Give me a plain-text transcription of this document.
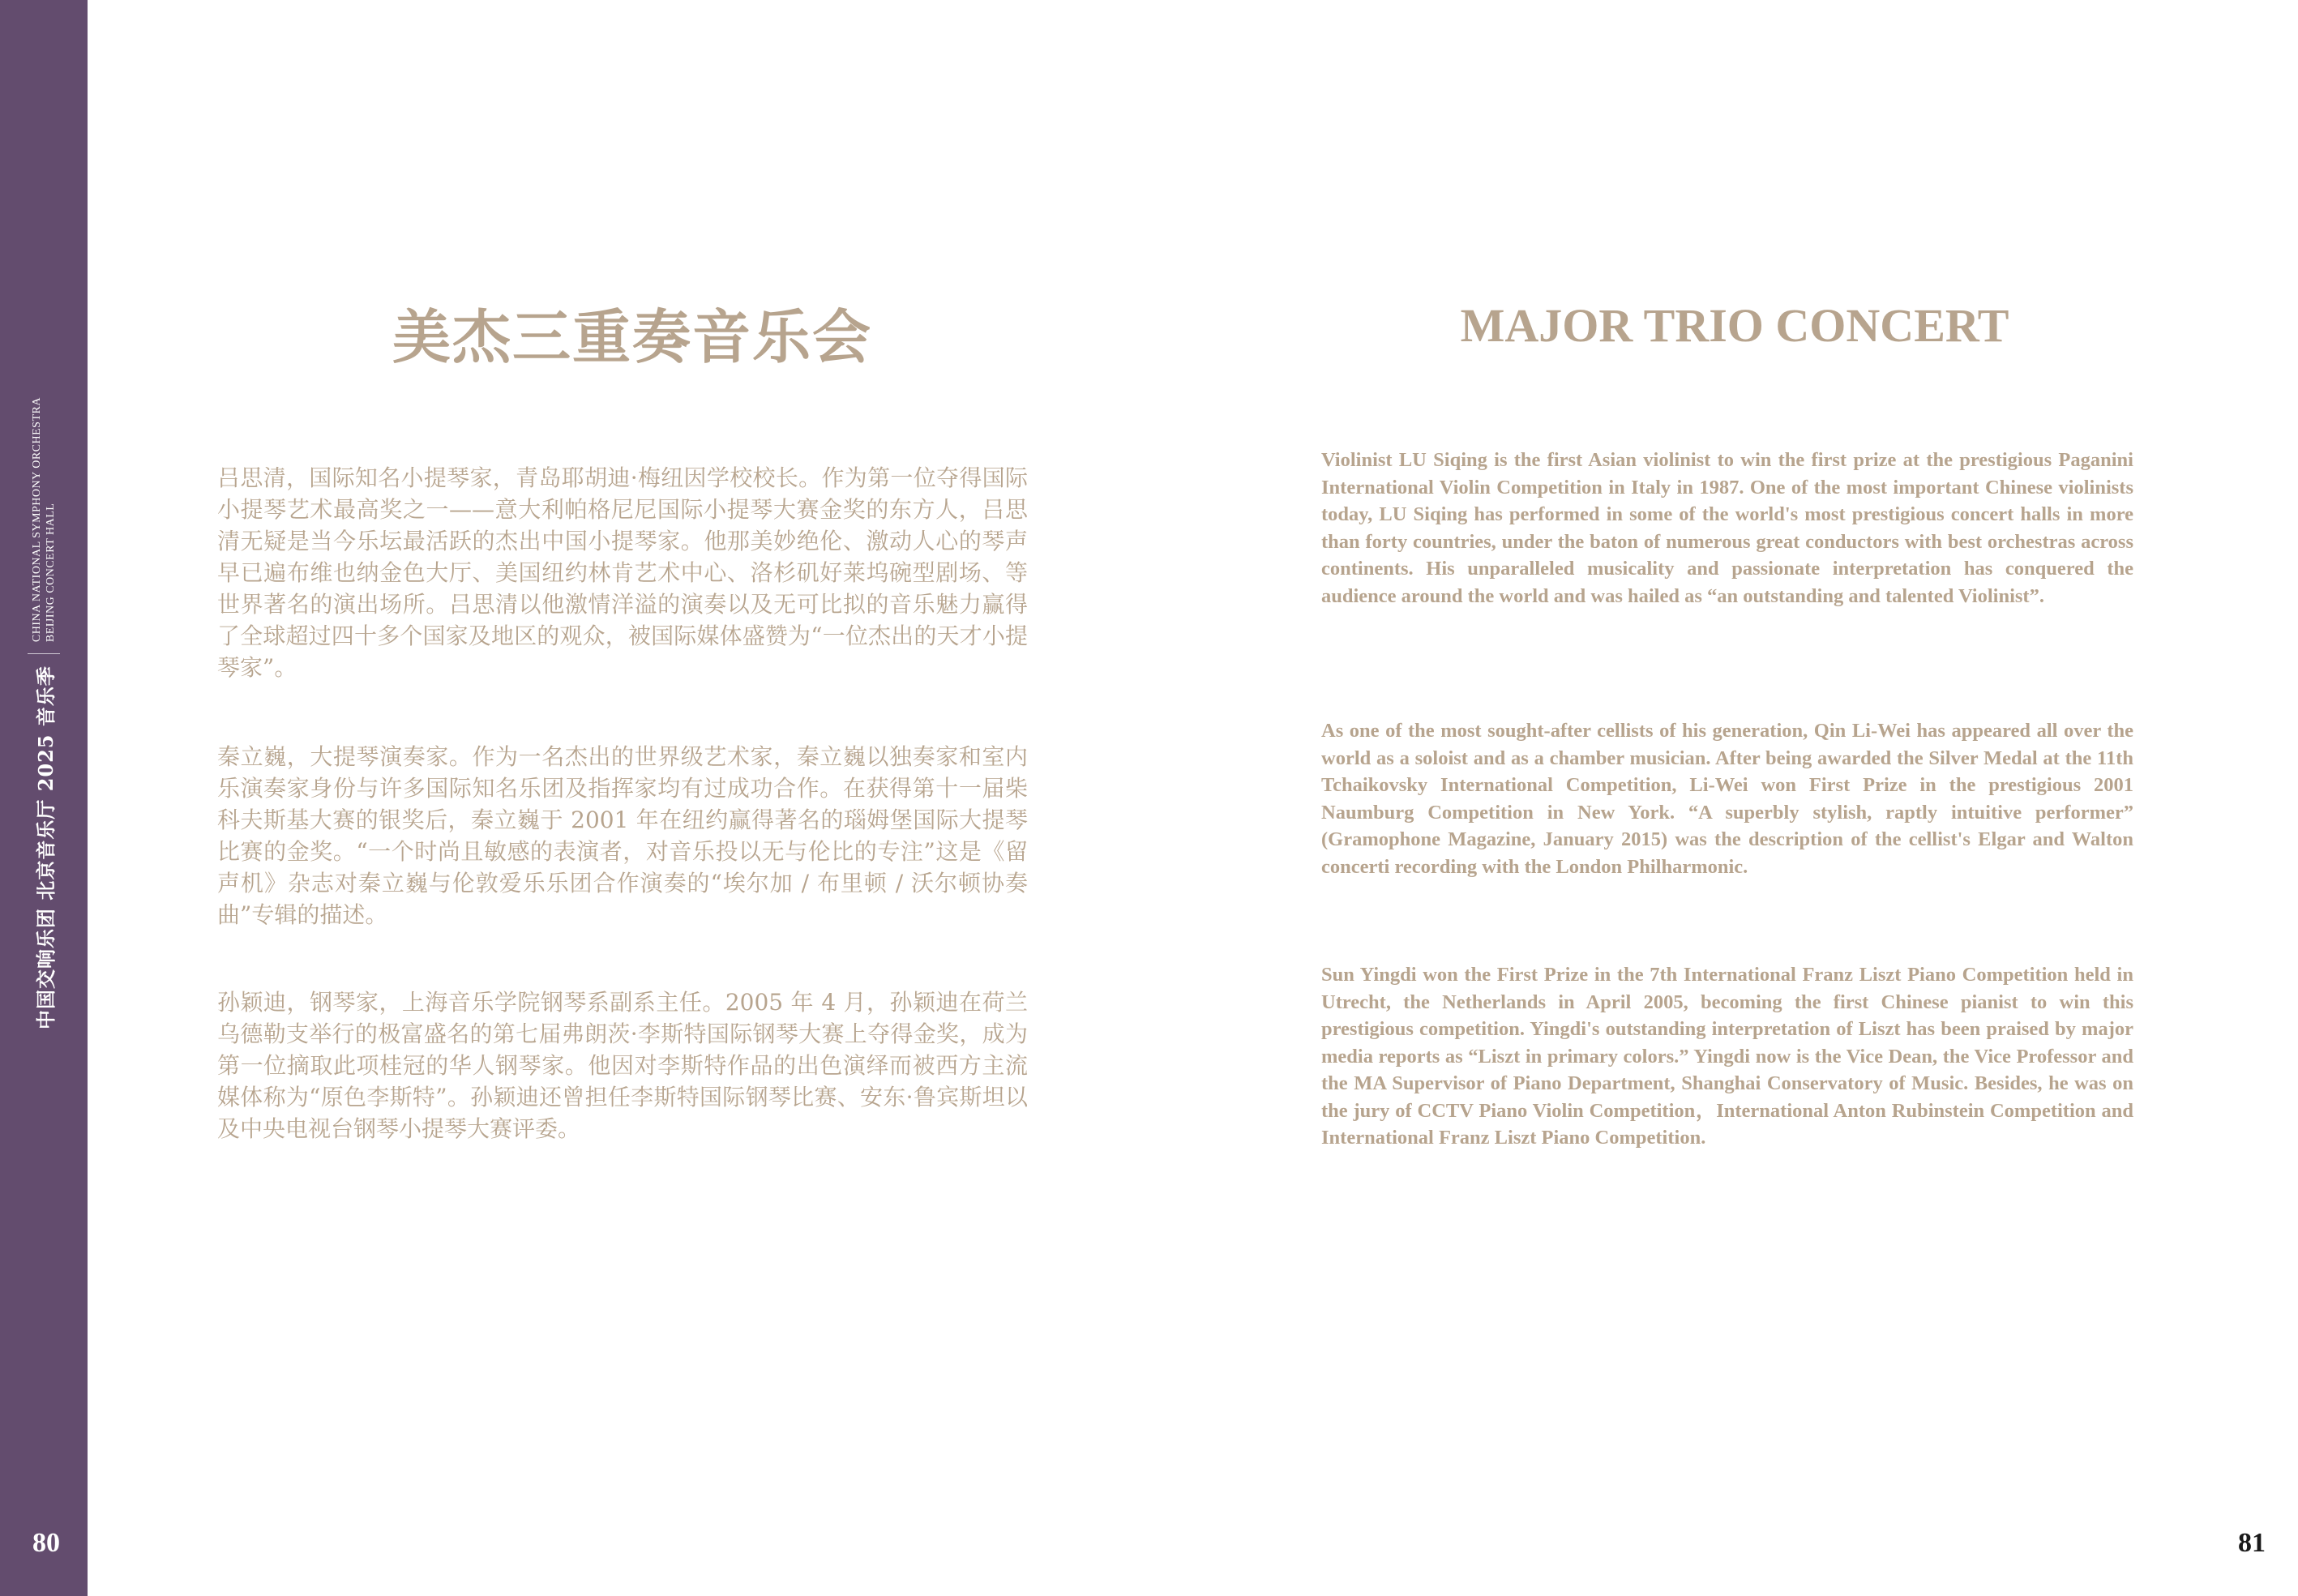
中国交响乐团 北京音乐厅 2025 音乐季
CHINA NATIONAL SYMPHONY ORCHESTRA BEIJING CONCERT HALL
80	81
美杰三重奏音乐会	MAJOR TRIO CONCERT

吕思清，国际知名小提琴家，青岛耶胡迪·梅纽因学校校长。作为第一位夺得国际小提琴艺术最高奖之一——意大利帕格尼尼国际小提琴大赛金奖的东方人，吕思清无疑是当今乐坛最活跃的杰出中国小提琴家。他那美妙绝伦、激动人心的琴声早已遍布维也纳金色大厅、美国纽约林肯艺术中心、洛杉矶好莱坞碗型剧场、等世界著名的演出场所。吕思清以他激情洋溢的演奏以及无可比拟的音乐魅力赢得了全球超过四十多个国家及地区的观众，被国际媒体盛赞为“一位杰出的天才小提琴家”。

秦立巍，大提琴演奏家。作为一名杰出的世界级艺术家，秦立巍以独奏家和室内乐演奏家身份与许多国际知名乐团及指挥家均有过成功合作。在获得第十一届柴科夫斯基大赛的银奖后，秦立巍于 2001 年在纽约赢得著名的瑙姆堡国际大提琴比赛的金奖。“一个时尚且敏感的表演者，对音乐投以无与伦比的专注”这是《留声机》杂志对秦立巍与伦敦爱乐乐团合作演奏的“埃尔加 / 布里顿 / 沃尔顿协奏曲”专辑的描述。

孙颖迪，钢琴家，上海音乐学院钢琴系副系主任。2005 年 4 月，孙颖迪在荷兰乌德勒支举行的极富盛名的第七届弗朗茨·李斯特国际钢琴大赛上夺得金奖，成为第一位摘取此项桂冠的华人钢琴家。他因对李斯特作品的出色演绎而被西方主流媒体称为“原色李斯特”。孙颖迪还曾担任李斯特国际钢琴比赛、安东·鲁宾斯坦以及中央电视台钢琴小提琴大赛评委。

Violinist LU Siqing is the first Asian violinist to win the first prize at the prestigious Paganini International Violin Competition in Italy in 1987. One of the most important Chinese violinists today, LU Siqing has performed in some of the world's most prestigious concert halls in more than forty countries, under the baton of numerous great conductors with best orchestras across continents. His unparalleled musicality and passionate interpretation has conquered the audience around the world and was hailed as “an outstanding and talented Violinist”.

As one of the most sought-after cellists of his generation, Qin Li-Wei has appeared all over the world as a soloist and as a chamber musician. After being awarded the Silver Medal at the 11th Tchaikovsky International Competition, Li-Wei won First Prize in the prestigious 2001 Naumburg Competition in New York. “A superbly stylish, raptly intuitive performer” (Gramophone Magazine, January 2015) was the description of the cellist's Elgar and Walton concerti recording with the London Philharmonic.

Sun Yingdi won the First Prize in the 7th International Franz Liszt Piano Competition held in Utrecht, the Netherlands in April 2005, becoming the first Chinese pianist to win this prestigious competition. Yingdi's outstanding interpretation of Liszt has been praised by major media reports as “Liszt in primary colors.” Yingdi now is the Vice Dean, the Vice Professor and the MA Supervisor of Piano Department, Shanghai Conservatory of Music. Besides, he was on the jury of CCTV Piano Violin Competition，International Anton Rubinstein Competition and International Franz Liszt Piano Competition.
